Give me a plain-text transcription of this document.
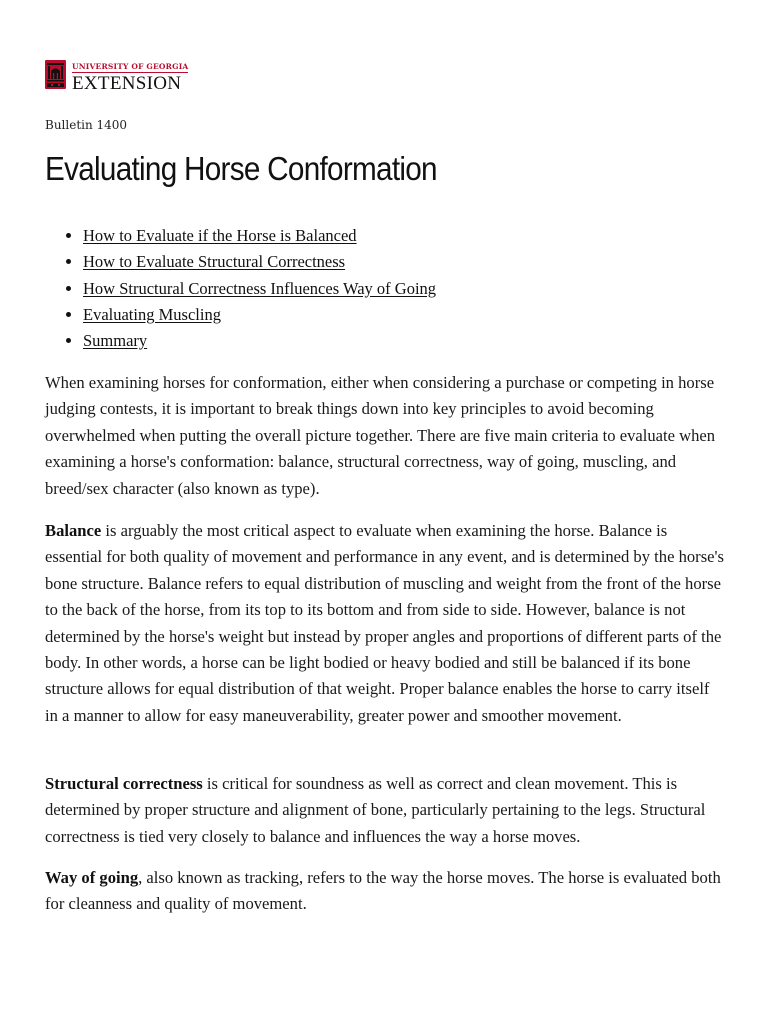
UNIVERSITY OF GEORGIA
EXTENSION
Bulletin 1400
Evaluating Horse Conformation
• How to Evaluate if the Horse is Balanced
• How to Evaluate Structural Correctness
• How Structural Correctness Influences Way of Going
• Evaluating Muscling
• Summary

When examining horses for conformation, either when considering a purchase or competing in horse judging contests, it is important to break things down into key principles to avoid becoming overwhelmed when putting the overall picture together. There are five main criteria to evaluate when examining a horse's conformation: balance, structural correctness, way of going, muscling, and breed/sex character (also known as type).

Balance is arguably the most critical aspect to evaluate when examining the horse. Balance is essential for both quality of movement and performance in any event, and is determined by the horse's bone structure. Balance refers to equal distribution of muscling and weight from the front of the horse to the back of the horse, from its top to its bottom and from side to side. However, balance is not determined by the horse's weight but instead by proper angles and proportions of different parts of the body. In other words, a horse can be light bodied or heavy bodied and still be balanced if its bone structure allows for equal distribution of that weight. Proper balance enables the horse to carry itself in a manner to allow for easy maneuverability, greater power and smoother movement.

Structural correctness is critical for soundness as well as correct and clean movement. This is determined by proper structure and alignment of bone, particularly pertaining to the legs. Structural correctness is tied very closely to balance and influences the way a horse moves.

Way of going, also known as tracking, refers to the way the horse moves. The horse is evaluated both for cleanness and quality of movement.
